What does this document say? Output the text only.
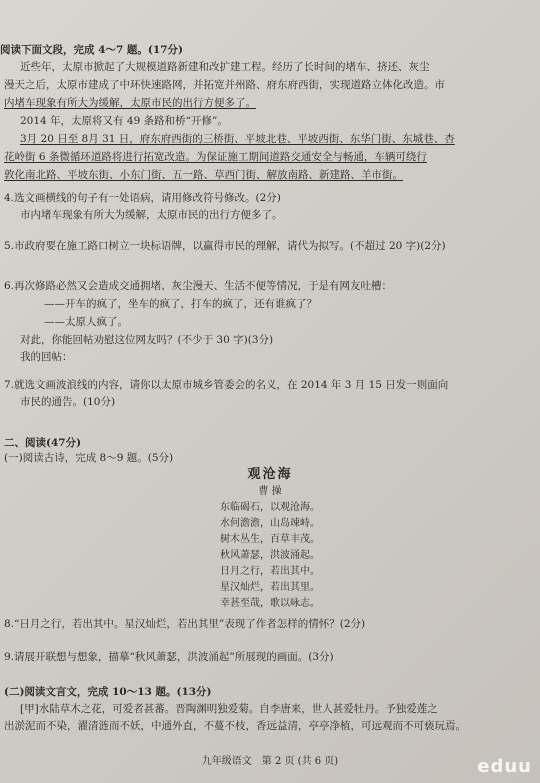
阅读下面文段，完成 4～7 题。(17分)
近些年，太原市掀起了大规模道路新建和改扩建工程。经历了长时间的堵车、挤还、灰尘
漫天之后，太原市建成了中环快速路网，并拓宽并州路、府东府西街，实现道路立体化改造。市
内堵车现象有所大为缓解，太原市民的出行方便多了。
2014 年，太原将又有 49 条路和桥“开修”。
3月 20 日至 8月 31 日，府东府西街的三桥街、平坡北巷、平坡西街、东华门街、东城巷、杏
花岭街 6 条微循环道路将进行拓宽改造。为保证施工期间道路交通安全与畅通，车辆可绕行
敦化南北路、平坡东街、小东门街、五一路、草西门街、解放南路、新建路、羊市街。
4.选文画横线的句子有一处语病，请用修改符号修改。(2分)
市内堵车现象有所大为缓解，太原市民的出行方便多了。
5.市政府要在施工路口树立一块标语牌，以赢得市民的理解，请代为拟写。(不超过 20 字)(2分)
6.再次修路必然又会造成交通拥堵、灰尘漫天、生活不便等情况，于是有网友吐槽：
——开车的疯了，坐车的疯了，打车的疯了，还有谁疯了？
——太原人疯了。
对此，你能回帖劝慰这位网友吗？(不少于 30 字)(3分)
我的回帖：
7.就选文画波浪线的内容，请你以太原市城乡管委会的名义，在 2014 年 3 月 15 日发一则面向
市民的通告。(10分)
二、阅读(47分)
(一)阅读古诗，完成 8～9 题。(5分)
观沧海
曹 操
东临碣石，以观沧海。
水何澹澹，山岛竦峙。
树木丛生，百草丰茂。
秋风萧瑟，洪波涌起。
日月之行，若出其中。
星汉灿烂，若出其里。
幸甚至哉，歌以咏志。
8.“日月之行，若出其中。星汉灿烂，若出其里”表现了作者怎样的情怀？(2分)
9.请展开联想与想象，描摹“秋风萧瑟，洪波涌起”所展现的画面。(3分)
(二)阅读文言文，完成 10～13 题。(13分)
[甲]水陆草木之花，可爱者甚蕃。晋陶渊明独爱菊。自李唐来，世人甚爱牡丹。予独爱莲之
出淤泥而不染，濯清涟而不妖，中通外直，不蔓不枝，香远益清，亭亭净植，可远观而不可亵玩焉。
九年级语文　第 2 页 (共 6 页)	eduu
